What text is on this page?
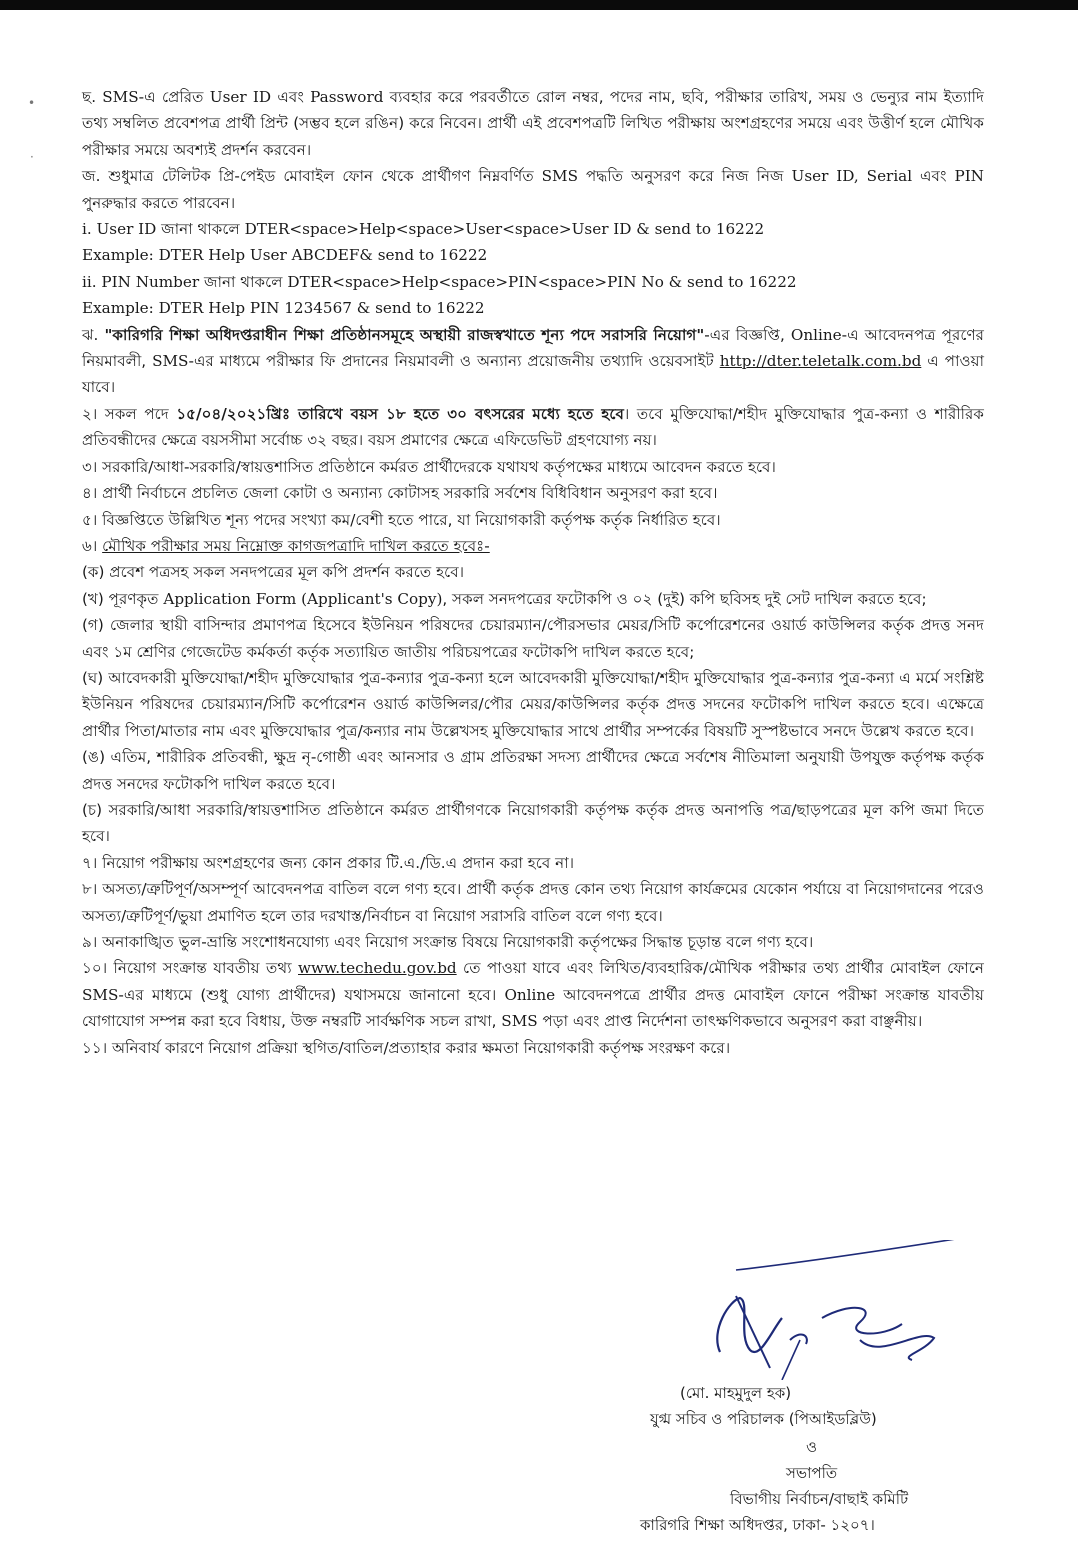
•
·

ছ. SMS-এ প্রেরিত User ID এবং Password ব্যবহার করে পরবর্তীতে রোল নম্বর, পদের নাম, ছবি, পরীক্ষার তারিখ, সময় ও ভেন্যুর নাম ইত্যাদি তথ্য সম্বলিত প্রবেশপত্র প্রার্থী প্রিন্ট (সম্ভব হলে রঙিন) করে নিবেন। প্রার্থী এই প্রবেশপত্রটি লিখিত পরীক্ষায় অংশগ্রহণের সময়ে এবং উত্তীর্ণ হলে মৌখিক পরীক্ষার সময়ে অবশ্যই প্রদর্শন করবেন।

জ. শুধুমাত্র টেলিটক প্রি-পেইড মোবাইল ফোন থেকে প্রার্থীগণ নিম্নবর্ণিত SMS পদ্ধতি অনুসরণ করে নিজ নিজ User ID, Serial এবং PIN পুনরুদ্ধার করতে পারবেন।

i. User ID জানা থাকলে DTER<space>Help<space>User<space>User ID & send to 16222

Example: DTER Help User ABCDEF& send to 16222

ii. PIN Number জানা থাকলে DTER<space>Help<space>PIN<space>PIN No & send to 16222

Example: DTER Help PIN 1234567 & send to 16222

ঝ. "কারিগরি শিক্ষা অধিদপ্তরাধীন শিক্ষা প্রতিষ্ঠানসমূহে অস্থায়ী রাজস্বখাতে শূন্য পদে সরাসরি নিয়োগ"-এর বিজ্ঞপ্তি, Online-এ আবেদনপত্র পূরণের নিয়মাবলী, SMS-এর মাধ্যমে পরীক্ষার ফি প্রদানের নিয়মাবলী ও অন্যান্য প্রয়োজনীয় তথ্যাদি ওয়েবসাইট http://dter.teletalk.com.bd এ পাওয়া যাবে।

২। সকল পদে ১৫/০৪/২০২১খ্রিঃ তারিখে বয়স ১৮ হতে ৩০ বৎসরের মধ্যে হতে হবে। তবে মুক্তিযোদ্ধা/শহীদ মুক্তিযোদ্ধার পুত্র-কন্যা ও শারীরিক প্রতিবন্ধীদের ক্ষেত্রে বয়সসীমা সর্বোচ্চ ৩২ বছর। বয়স প্রমাণের ক্ষেত্রে এফিডেভিট গ্রহণযোগ্য নয়।

৩। সরকারি/আধা-সরকারি/স্বায়ত্তশাসিত প্রতিষ্ঠানে কর্মরত প্রার্থীদেরকে যথাযথ কর্তৃপক্ষের মাধ্যমে আবেদন করতে হবে।

৪। প্রার্থী নির্বাচনে প্রচলিত জেলা কোটা ও অন্যান্য কোটাসহ সরকারি সর্বশেষ বিধিবিধান অনুসরণ করা হবে।

৫। বিজ্ঞপ্তিতে উল্লিখিত শূন্য পদের সংখ্যা কম/বেশী হতে পারে, যা নিয়োগকারী কর্তৃপক্ষ কর্তৃক নির্ধারিত হবে।

৬। মৌখিক পরীক্ষার সময় নিম্নোক্ত কাগজপত্রাদি দাখিল করতে হবেঃ-

(ক) প্রবেশ পত্রসহ সকল সনদপত্রের মূল কপি প্রদর্শন করতে হবে।

(খ) পূরণকৃত Application Form (Applicant's Copy), সকল সনদপত্রের ফটোকপি ও ০২ (দুই) কপি ছবিসহ দুই সেট দাখিল করতে হবে;

(গ) জেলার স্থায়ী বাসিন্দার প্রমাণপত্র হিসেবে ইউনিয়ন পরিষদের চেয়ারম্যান/পৌরসভার মেয়র/সিটি কর্পোরেশনের ওয়ার্ড কাউন্সিলর কর্তৃক প্রদত্ত সনদ এবং ১ম শ্রেণির গেজেটেড কর্মকর্তা কর্তৃক সত্যায়িত জাতীয় পরিচয়পত্রের ফটোকপি দাখিল করতে হবে;

(ঘ) আবেদকারী মুক্তিযোদ্ধা/শহীদ মুক্তিযোদ্ধার পুত্র-কন্যার পুত্র-কন্যা হলে আবেদকারী মুক্তিযোদ্ধা/শহীদ মুক্তিযোদ্ধার পুত্র-কন্যার পুত্র-কন্যা এ মর্মে সংশ্লিষ্ট ইউনিয়ন পরিষদের চেয়ারম্যান/সিটি কর্পোরেশন ওয়ার্ড কাউন্সিলর/পৌর মেয়র/কাউন্সিলর কর্তৃক প্রদত্ত সদনের ফটোকপি দাখিল করতে হবে। এক্ষেত্রে প্রার্থীর পিতা/মাতার নাম এবং মুক্তিযোদ্ধার পুত্র/কন্যার নাম উল্লেখসহ মুক্তিযোদ্ধার সাথে প্রার্থীর সম্পর্কের বিষয়টি সুস্পষ্টভাবে সনদে উল্লেখ করতে হবে।

(ঙ) এতিম, শারীরিক প্রতিবন্ধী, ক্ষুদ্র নৃ-গোষ্ঠী এবং আনসার ও গ্রাম প্রতিরক্ষা সদস্য প্রার্থীদের ক্ষেত্রে সর্বশেষ নীতিমালা অনুযায়ী উপযুক্ত কর্তৃপক্ষ কর্তৃক প্রদত্ত সনদের ফটোকপি দাখিল করতে হবে।

(চ) সরকারি/আধা সরকারি/স্বায়ত্তশাসিত প্রতিষ্ঠানে কর্মরত প্রার্থীগণকে নিয়োগকারী কর্তৃপক্ষ কর্তৃক প্রদত্ত অনাপত্তি পত্র/ছাড়পত্রের মূল কপি জমা দিতে হবে।

৭। নিয়োগ পরীক্ষায় অংশগ্রহণের জন্য কোন প্রকার টি.এ./ডি.এ প্রদান করা হবে না।

৮। অসত্য/ত্রুটিপূর্ণ/অসম্পূর্ণ আবেদনপত্র বাতিল বলে গণ্য হবে। প্রার্থী কর্তৃক প্রদত্ত কোন তথ্য নিয়োগ কার্যক্রমের যেকোন পর্যায়ে বা নিয়োগদানের পরেও অসত্য/ত্রুটিপূর্ণ/ভুয়া প্রমাণিত হলে তার দরখাস্ত/নির্বাচন বা নিয়োগ সরাসরি বাতিল বলে গণ্য হবে।

৯। অনাকাঙ্খিত ভুল-ভ্রান্তি সংশোধনযোগ্য এবং নিয়োগ সংক্রান্ত বিষয়ে নিয়োগকারী কর্তৃপক্ষের সিদ্ধান্ত চূড়ান্ত বলে গণ্য হবে।

১০। নিয়োগ সংক্রান্ত যাবতীয় তথ্য www.techedu.gov.bd তে পাওয়া যাবে এবং লিখিত/ব্যবহারিক/মৌখিক পরীক্ষার তথ্য প্রার্থীর মোবাইল ফোনে SMS-এর মাধ্যমে (শুধু যোগ্য প্রার্থীদের) যথাসময়ে জানানো হবে। Online আবেদনপত্রে প্রার্থীর প্রদত্ত মোবাইল ফোনে পরীক্ষা সংক্রান্ত যাবতীয় যোগাযোগ সম্পন্ন করা হবে বিধায়, উক্ত নম্বরটি সার্বক্ষণিক সচল রাখা, SMS পড়া এবং প্রাপ্ত নির্দেশনা তাৎক্ষণিকভাবে অনুসরণ করা বাঞ্ছনীয়।

১১। অনিবার্য কারণে নিয়োগ প্রক্রিয়া স্থগিত/বাতিল/প্রত্যাহার করার ক্ষমতা নিয়োগকারী কর্তৃপক্ষ সংরক্ষণ করে।

(মো. মাহমুদুল হক)
যুগ্ম সচিব ও পরিচালক (পিআইডব্লিউ)
ও
সভাপতি
বিভাগীয় নির্বাচন/বাছাই কমিটি
কারিগরি শিক্ষা অধিদপ্তর, ঢাকা- ১২০৭।
